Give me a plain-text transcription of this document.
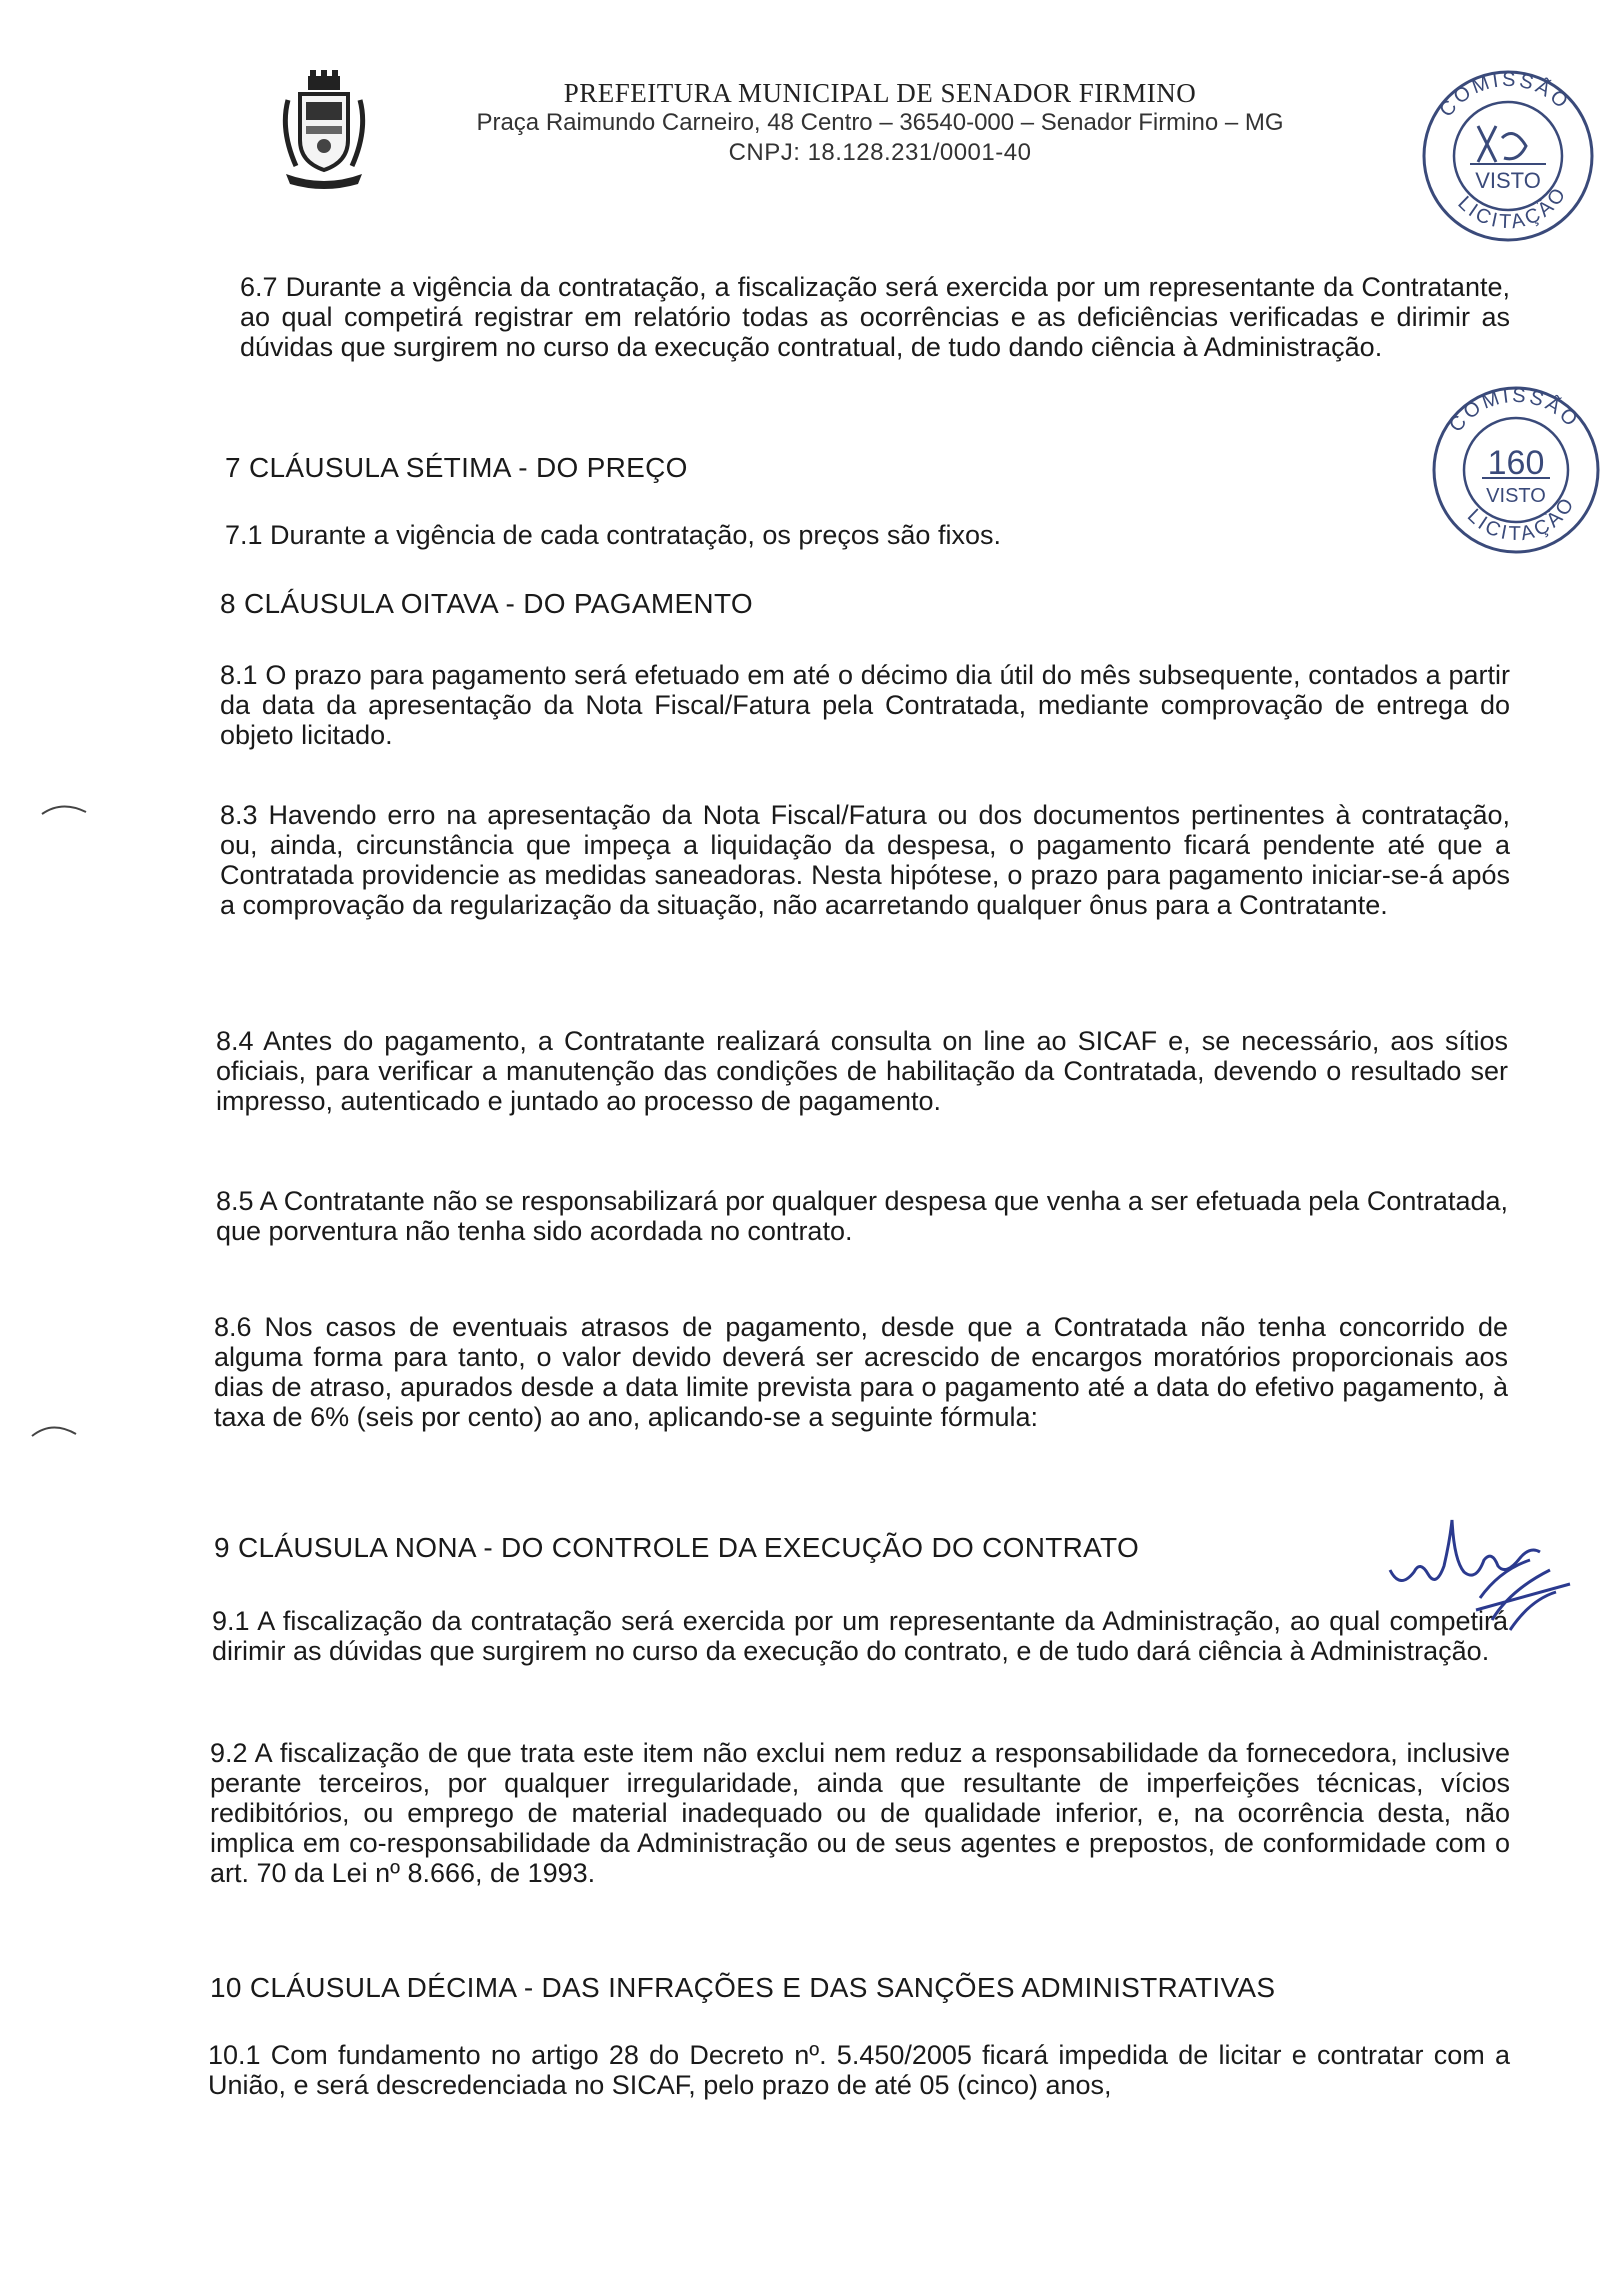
PREFEITURA MUNICIPAL DE SENADOR FIRMINO
Praça Raimundo Carneiro, 48 Centro – 36540-000 – Senador Firmino – MG
CNPJ: 18.128.231/0001-40
COMISSÃO
LICITAÇÃO
VISTO
COMISSÃO
LICITAÇÃO
160
VISTO

6.7 Durante a vigência da contratação, a fiscalização será exercida por um representante da Contratante, ao qual competirá registrar em relatório todas as ocorrências e as deficiências verificadas e dirimir as dúvidas que surgirem no curso da execução contratual, de tudo dando ciência à Administração.

7 CLÁUSULA SÉTIMA - DO PREÇO

7.1 Durante a vigência de cada contratação, os preços são fixos.

8 CLÁUSULA OITAVA - DO PAGAMENTO

8.1 O prazo para pagamento será efetuado em até o décimo dia útil do mês subsequente, contados a partir da data da apresentação da Nota Fiscal/Fatura pela Contratada, mediante comprovação de entrega do objeto licitado.

8.3 Havendo erro na apresentação da Nota Fiscal/Fatura ou dos documentos pertinentes à contratação, ou, ainda, circunstância que impeça a liquidação da despesa, o pagamento ficará pendente até que a Contratada providencie as medidas saneadoras. Nesta hipótese, o prazo para pagamento iniciar-se-á após a comprovação da regularização da situação, não acarretando qualquer ônus para a Contratante.

8.4 Antes do pagamento, a Contratante realizará consulta on line ao SICAF e, se necessário, aos sítios oficiais, para verificar a manutenção das condições de habilitação da Contratada, devendo o resultado ser impresso, autenticado e juntado ao processo de pagamento.

8.5 A Contratante não se responsabilizará por qualquer despesa que venha a ser efetuada pela Contratada, que porventura não tenha sido acordada no contrato.

8.6 Nos casos de eventuais atrasos de pagamento, desde que a Contratada não tenha concorrido de alguma forma para tanto, o valor devido deverá ser acrescido de encargos moratórios proporcionais aos dias de atraso, apurados desde a data limite prevista para o pagamento até a data do efetivo pagamento, à taxa de 6% (seis por cento) ao ano, aplicando-se a seguinte fórmula:

9 CLÁUSULA NONA - DO CONTROLE DA EXECUÇÃO DO CONTRATO

9.1 A fiscalização da contratação será exercida por um representante da Administração, ao qual competirá dirimir as dúvidas que surgirem no curso da execução do contrato, e de tudo dará ciência à Administração.

9.2 A fiscalização de que trata este item não exclui nem reduz a responsabilidade da fornecedora, inclusive perante terceiros, por qualquer irregularidade, ainda que resultante de imperfeições técnicas, vícios redibitórios, ou emprego de material inadequado ou de qualidade inferior, e, na ocorrência desta, não implica em co-responsabilidade da Administração ou de seus agentes e prepostos, de conformidade com o art. 70 da Lei nº 8.666, de 1993.

10 CLÁUSULA DÉCIMA - DAS INFRAÇÕES E DAS SANÇÕES ADMINISTRATIVAS

10.1 Com fundamento no artigo 28 do Decreto nº. 5.450/2005 ficará impedida de licitar e contratar com a União, e será descredenciada no SICAF, pelo prazo de até 05 (cinco) anos,
